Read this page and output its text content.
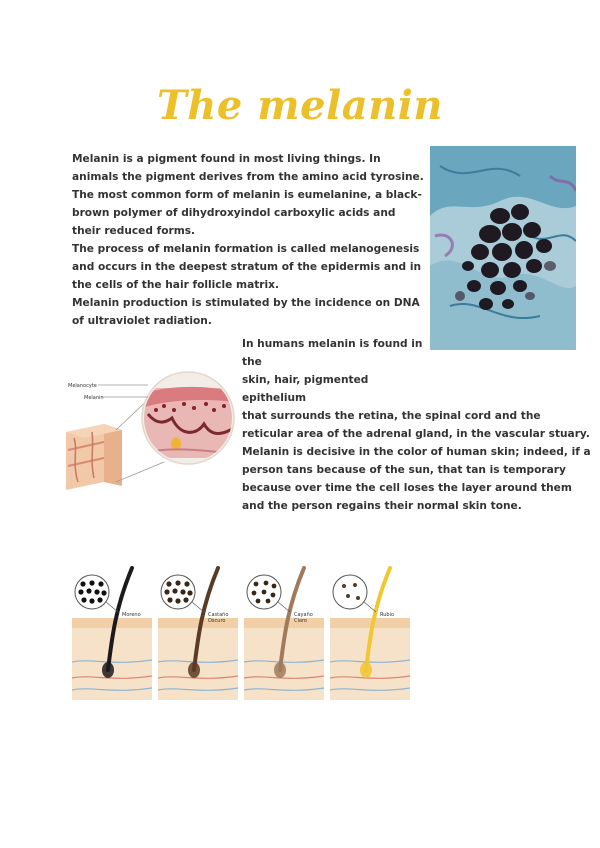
The melanin

Melanin is a pigment found in most living things. In animals the pigment derives from the amino acid tyrosine.

The most common form of melanin is eumelanine, a black-brown polymer of dihydroxyindol carboxylic acids and their reduced forms.

The process of melanin formation is called melanogenesis and occurs in the deepest stratum of the epidermis and in the cells of the hair follicle matrix.

Melanin production is stimulated by the incidence on DNA of ultraviolet radiation.

Melanocyte
Melanin

In humans melanin is found in the

skin, hair, pigmented epithelium

that surrounds the retina, the spinal cord and the reticular area of the adrenal gland, in the vascular stuary.

Melanin is decisive in the color of human skin; indeed, if a person tans because of the sun, that tan is temporary because over time the cell loses the layer around them and the person regains their normal skin tone.

Moreno	Castaño Oscuro
Cayaño Claro
Rubio
